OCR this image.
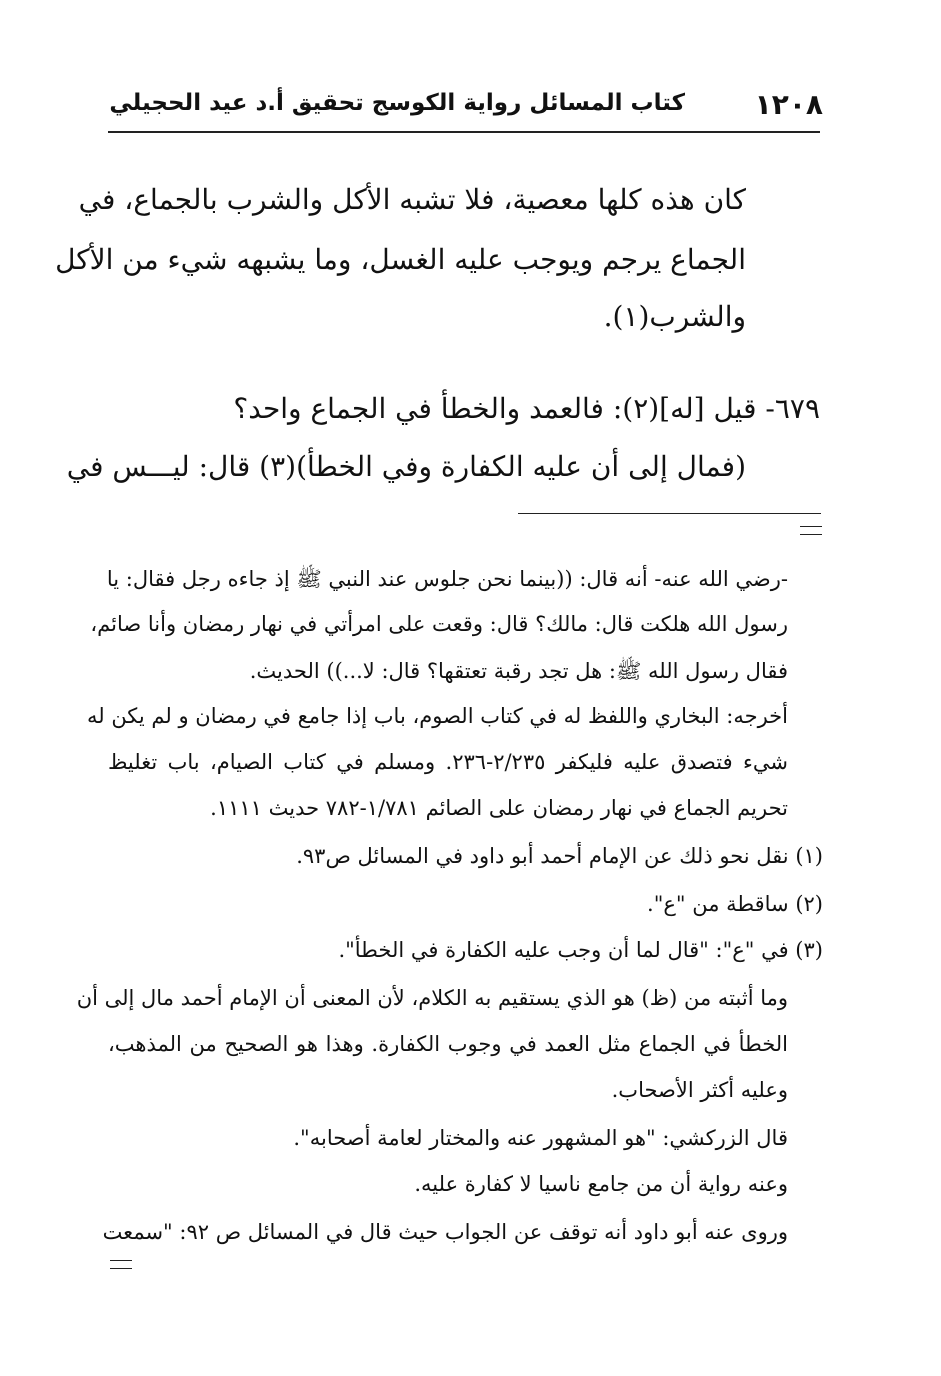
١٢٠٨
كتاب المسائل رواية الكوسج تحقيق أ.د عيد الحجيلي
كان هذه كلها معصية، فلا تشبه الأكل والشرب بالجماع، في
الجماع يرجم ويوجب عليه الغسل، وما يشبهه شيء من الأكل
والشرب(١).
٦٧٩- قيل [له](٢): فالعمد والخطأ في الجماع واحد؟
(فمال إلى أن عليه الكفارة وفي الخطأ)(٣) قال: ليـــس في
-رضي الله عنه- أنه قال: ((بينما نحن جلوس عند النبي ﷺ إذ جاءه رجل فقال: يا
رسول الله هلكت قال: مالك؟ قال: وقعت على امرأتي في نهار رمضان وأنا صائم،
فقال رسول الله ﷺ: هل تجد رقبة تعتقها؟ قال: لا...)) الحديث.
أخرجه: البخاري واللفظ له في كتاب الصوم، باب إذا جامع في رمضان و لم يكن له
شيء فتصدق عليه فليكفر ٢/٢٣٥-٢٣٦. ومسلم في كتاب الصيام، باب تغليظ
تحريم الجماع في نهار رمضان على الصائم ١/٧٨١-٧٨٢ حديث ١١١١.
(١) نقل نحو ذلك عن الإمام أحمد أبو داود في المسائل ص٩٣.
(٢) ساقطة من "ع".
(٣) في "ع": "قال لما أن وجب عليه الكفارة في الخطأ".
وما أثبته من (ظ) هو الذي يستقيم به الكلام، لأن المعنى أن الإمام أحمد مال إلى أن
الخطأ في الجماع مثل العمد في وجوب الكفارة. وهذا هو الصحيح من المذهب،
وعليه أكثر الأصحاب.
قال الزركشي: "هو المشهور عنه والمختار لعامة أصحابه".
وعنه رواية أن من جامع ناسيا لا كفارة عليه.
وروى عنه أبو داود أنه توقف عن الجواب حيث قال في المسائل ص ٩٢: "سمعت
